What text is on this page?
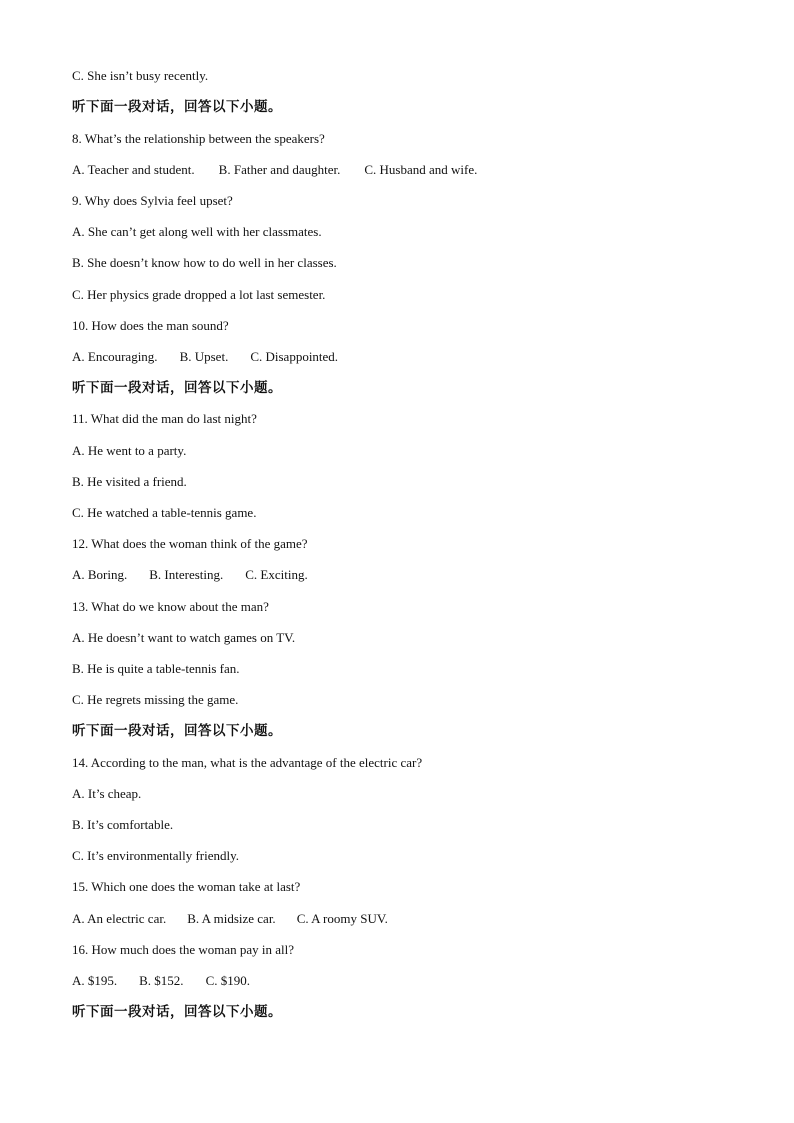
C. She isn’t busy recently.
听下面一段对话，回答以下小题。
8. What’s the relationship between the speakers?
A. Teacher and student. B. Father and daughter. C. Husband and wife.
9. Why does Sylvia feel upset?
A. She can’t get along well with her classmates.
B. She doesn’t know how to do well in her classes.
C. Her physics grade dropped a lot last semester.
10. How does the man sound?
A. Encouraging. B. Upset. C. Disappointed.
听下面一段对话，回答以下小题。
11. What did the man do last night?
A. He went to a party.
B. He visited a friend.
C. He watched a table-tennis game.
12. What does the woman think of the game?
A. Boring. B. Interesting. C. Exciting.
13. What do we know about the man?
A. He doesn’t want to watch games on TV.
B. He is quite a table-tennis fan.
C. He regrets missing the game.
听下面一段对话，回答以下小题。
14. According to the man, what is the advantage of the electric car?
A. It’s cheap.
B. It’s comfortable.
C. It’s environmentally friendly.
15. Which one does the woman take at last?
A. An electric car. B. A midsize car. C. A roomy SUV.
16. How much does the woman pay in all?
A. $195. B. $152. C. $190.
听下面一段对话，回答以下小题。
